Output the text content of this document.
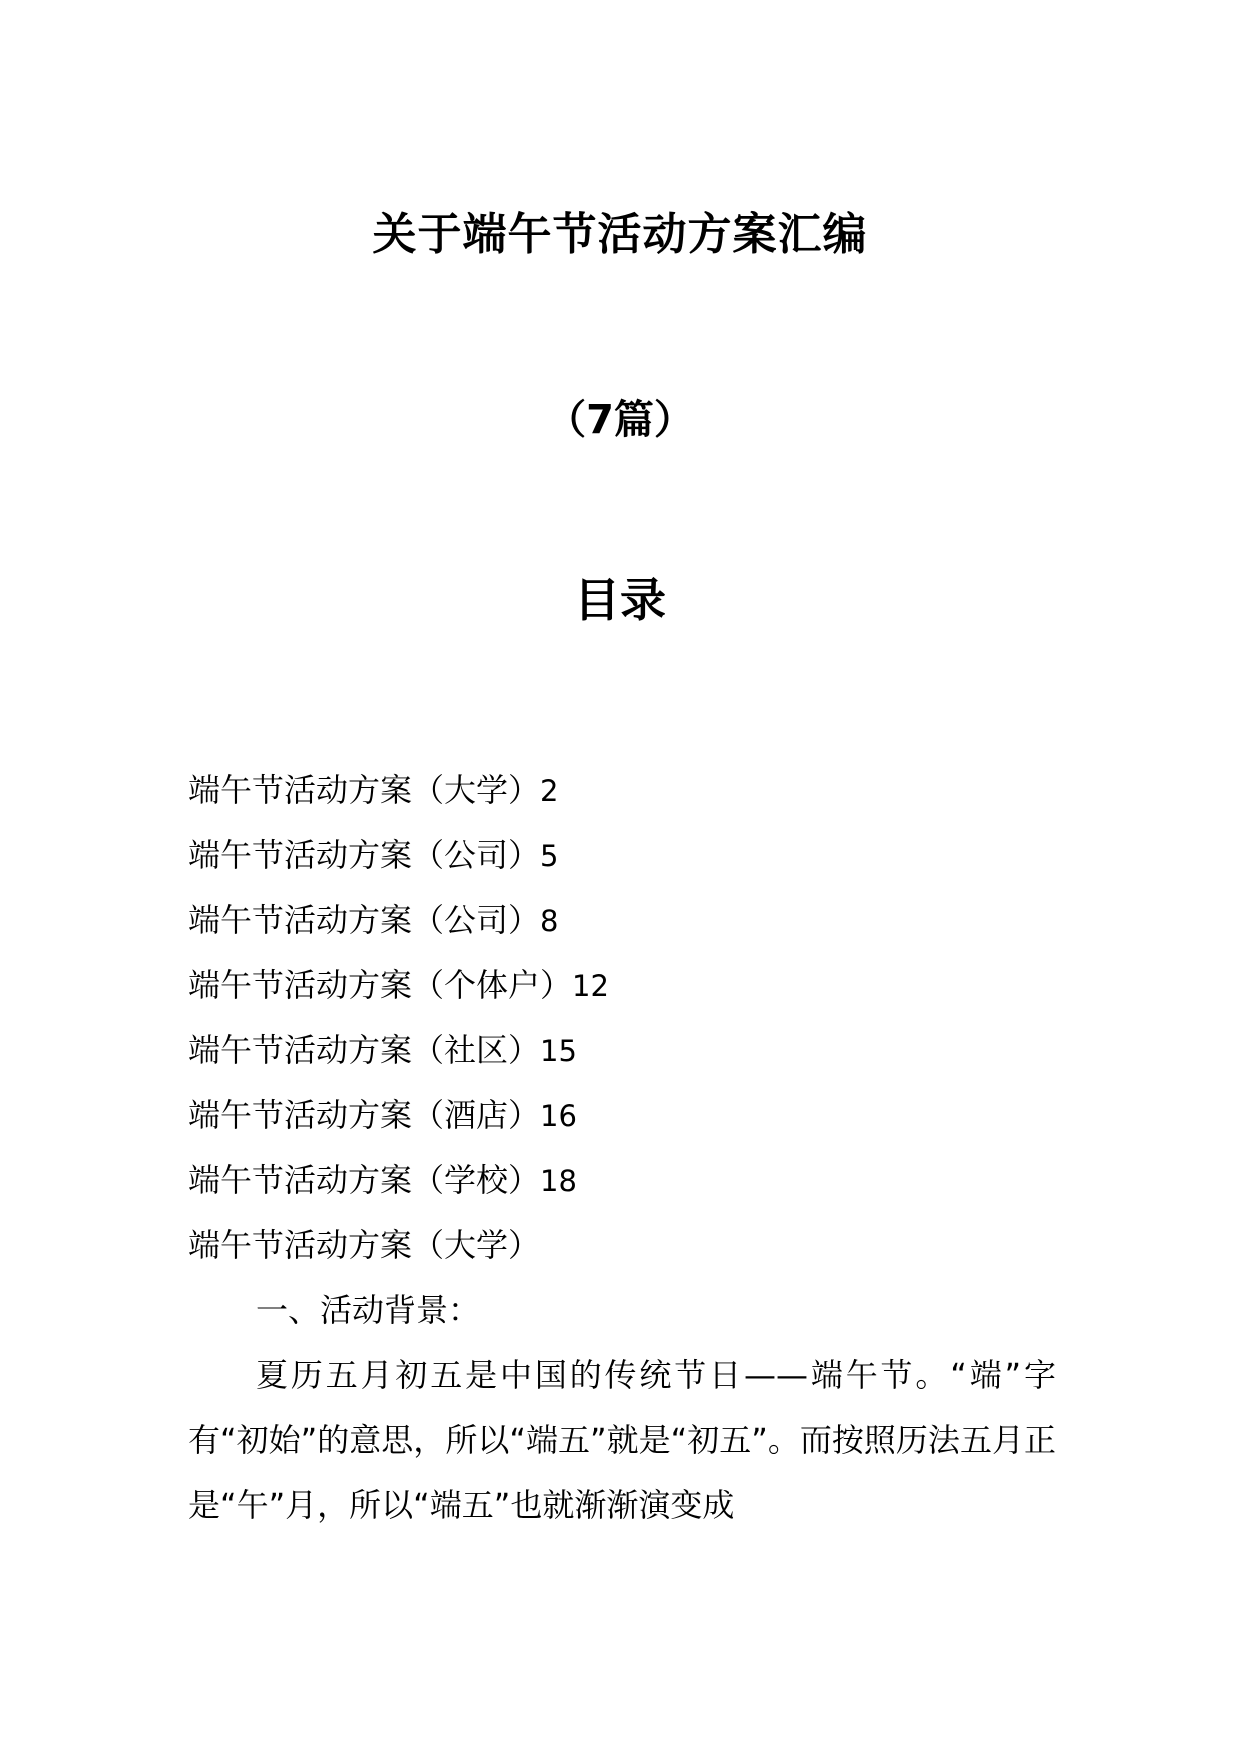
关于端午节活动方案汇编
（7篇）
目录
端午节活动方案（大学）2
端午节活动方案（公司）5
端午节活动方案（公司）8
端午节活动方案（个体户）12
端午节活动方案（社区）15
端午节活动方案（酒店）16
端午节活动方案（学校）18
端午节活动方案（大学）
一、活动背景：

夏历五月初五是中国的传统节日——端午节。“端”字有“初始”的意思，所以“端五”就是“初五”。而按照历法五月正是“午”月，所以“端五”也就渐渐演变成
